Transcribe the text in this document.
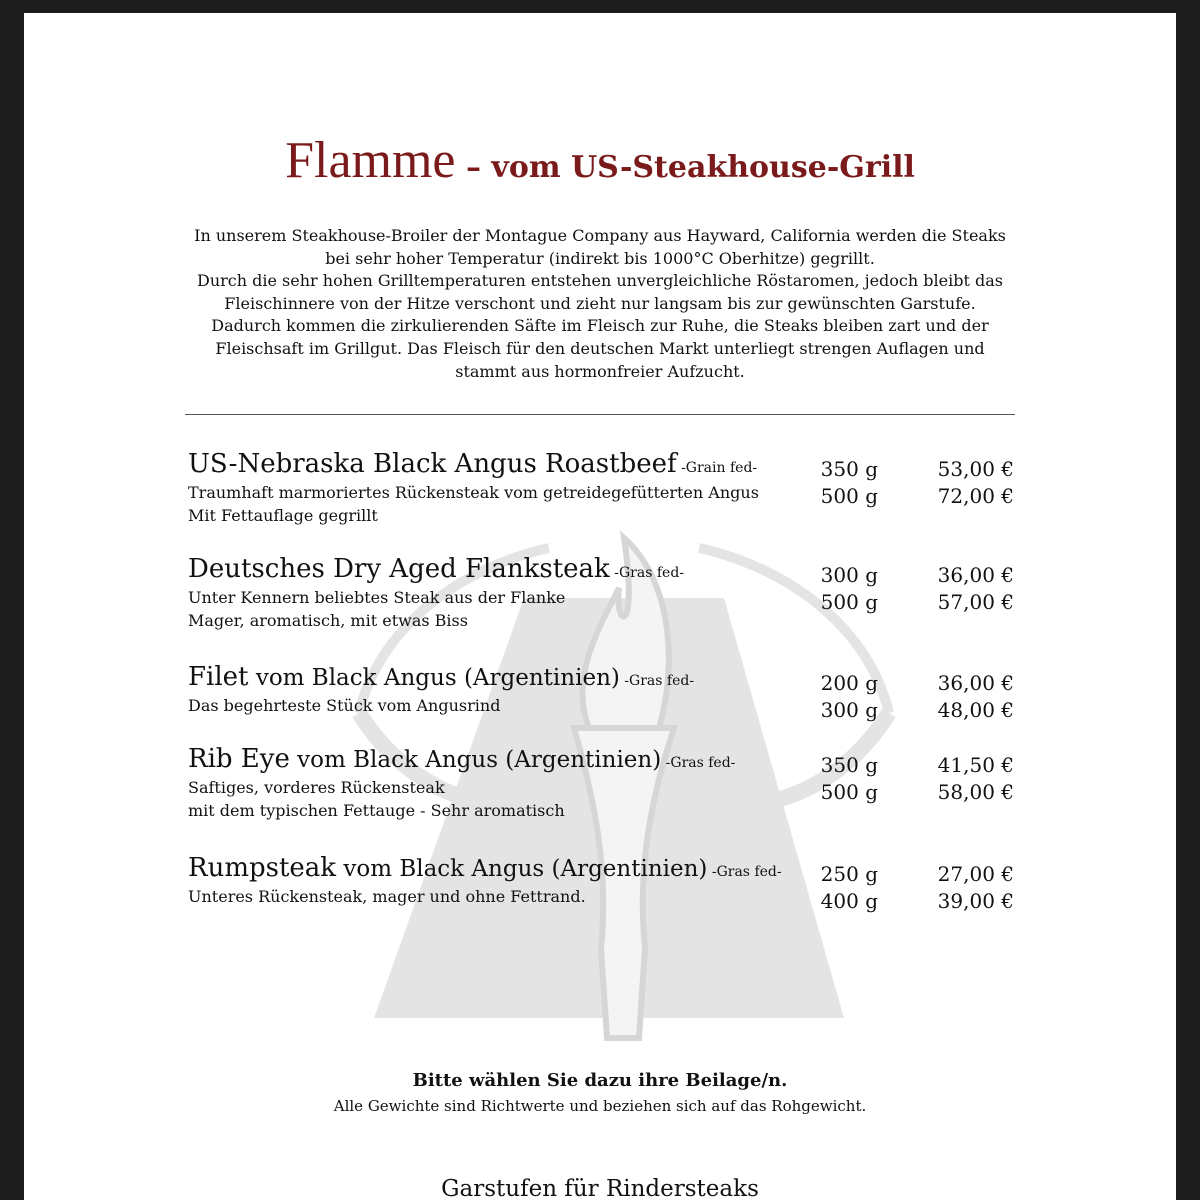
Flamme – vom US-Steakhouse-Grill
In unserem Steakhouse-Broiler der Montague Company aus Hayward, California werden die Steaks
bei sehr hoher Temperatur (indirekt bis 1000°C Oberhitze) gegrillt.
Durch die sehr hohen Grilltemperaturen entstehen unvergleichliche Röstaromen, jedoch bleibt das
Fleischinnere von der Hitze verschont und zieht nur langsam bis zur gewünschten Garstufe.
Dadurch kommen die zirkulierenden Säfte im Fleisch zur Ruhe, die Steaks bleiben zart und der
Fleischsaft im Grillgut. Das Fleisch für den deutschen Markt unterliegt strengen Auflagen und
stammt aus hormonfreier Aufzucht.
US-Nebraska Black Angus Roastbeef -Grain fed-
Traumhaft marmoriertes Rückensteak vom getreidegefütterten Angus
Mit Fettauflage gegrillt
350 g	53,00 €
500 g	72,00 €
Deutsches Dry Aged Flanksteak -Gras fed-
Unter Kennern beliebtes Steak aus der Flanke
Mager, aromatisch, mit etwas Biss
300 g	36,00 €
500 g	57,00 €
Filet vom Black Angus (Argentinien) -Gras fed-
Das begehrteste Stück vom Angusrind
200 g	36,00 €
300 g	48,00 €
Rib Eye vom Black Angus (Argentinien) -Gras fed-
Saftiges, vorderes Rückensteak
mit dem typischen Fettauge - Sehr aromatisch
350 g	41,50 €
500 g	58,00 €
Rumpsteak vom Black Angus (Argentinien) -Gras fed-
Unteres Rückensteak, mager und ohne Fettrand.
250 g	27,00 €
400 g	39,00 €
Bitte wählen Sie dazu ihre Beilage/n.
Alle Gewichte sind Richtwerte und beziehen sich auf das Rohgewicht.
Garstufen für Rindersteaks
